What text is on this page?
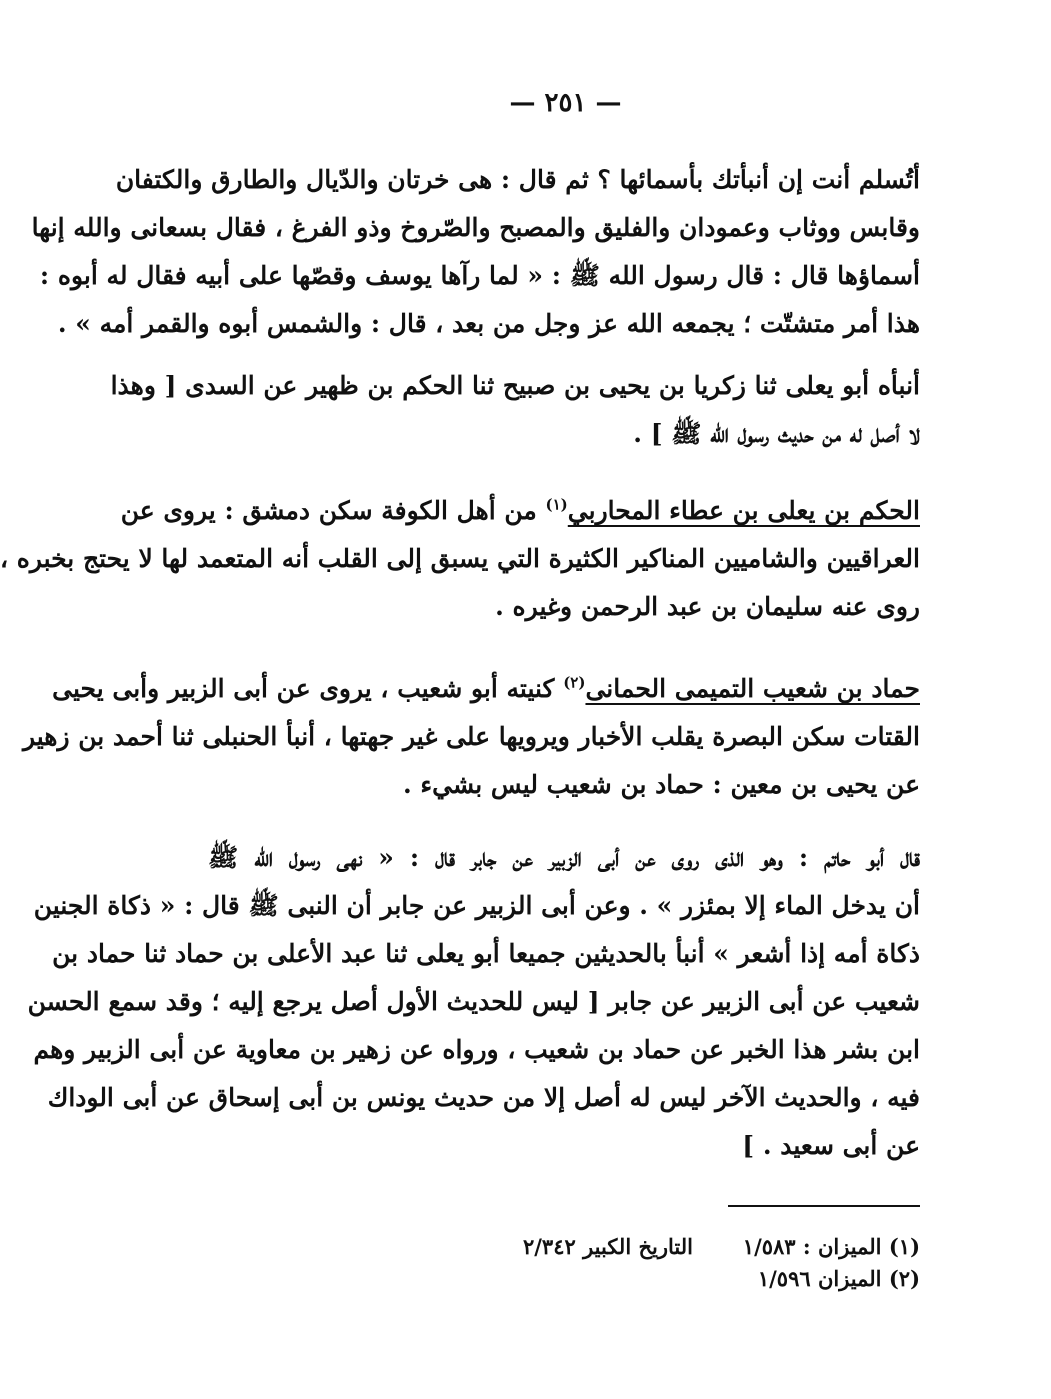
— ٢٥١ —
أتُسلم أنت إن أنبأتك بأسمائها ؟ ثم قال : هى خرتان والدّيال والطارق والكتفان
وقابس ووثاب وعمودان والفليق والمصبح والصّروخ وذو الفرغ ، فقال بسعانى والله إنها
أسماؤها قال : قال رسول الله ﷺ : « لما رآها يوسف وقصّها على أبيه فقال له أبوه :
هذا أمر متشتّت ؛ يجمعه الله عز وجل من بعد ، قال : والشمس أبوه والقمر أمه » .
أنبأه أبو يعلى ثنا زكريا بن يحيى بن صبيح ثنا الحكم بن ظهير عن السدى [ وهذا
لا أصل له من حديث رسول الله ﷺ ] .
الحكم بن يعلى بن عطاء المحاربي$^{(١)}$ من أهل الكوفة سكن دمشق : يروى عن
العراقيين والشاميين المناكير الكثيرة التي يسبق إلى القلب أنه المتعمد لها لا يحتج بخبره ،
روى عنه سليمان بن عبد الرحمن وغيره .
حماد بن شعيب التميمى الحمانى$^{(٢)}$ كنيته أبو شعيب ، يروى عن أبى الزبير وأبى يحيى
القتات سكن البصرة يقلب الأخبار ويرويها على غير جهتها ، أنبأ الحنبلى ثنا أحمد بن زهير
عن يحيى بن معين : حماد بن شعيب ليس بشيء .
قال أبو حاتم : وهو الذى روى عن أبى الزبير عن جابر قال : « نهى رسول الله ﷺ
أن يدخل الماء إلا بمئزر » . وعن أبى الزبير عن جابر أن النبى ﷺ قال : « ذكاة الجنين
ذكاة أمه إذا أشعر » أنبأ بالحديثين جميعا أبو يعلى ثنا عبد الأعلى بن حماد ثنا حماد بن
شعيب عن أبى الزبير عن جابر [ ليس للحديث الأول أصل يرجع إليه ؛ وقد سمع الحسن
ابن بشر هذا الخبر عن حماد بن شعيب ، ورواه عن زهير بن معاوية عن أبى الزبير وهم
فيه ، والحديث الآخر ليس له أصل إلا من حديث يونس بن أبى إسحاق عن أبى الوداك
عن أبى سعيد . ]
(١) الميزان : ١/٥٨٣
التاريخ الكبير ٢/٣٤٢
(٢) الميزان ١/٥٩٦
